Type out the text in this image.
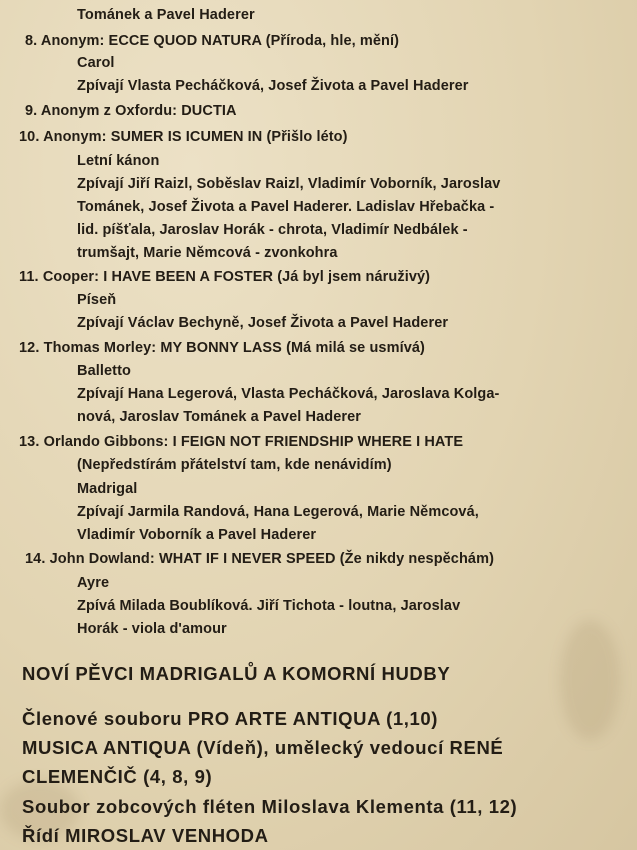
Tománek a Pavel Haderer
8. Anonym: ECCE QUOD NATURA (Příroda, hle, mění)
Carol
Zpívají Vlasta Pecháčková, Josef Života a Pavel Haderer
9. Anonym z Oxfordu: DUCTIA
10. Anonym: SUMER IS ICUMEN IN (Přišlo léto)
Letní kánon
Zpívají Jiří Raizl, Soběslav Raizl, Vladimír Voborník, Jaroslav
Tománek, Josef Života a Pavel Haderer. Ladislav Hřebačka -
lid. píšťala, Jaroslav Horák - chrota, Vladimír Nedbálek -
trumšajt, Marie Němcová - zvonkohra
11. Cooper: I HAVE BEEN A FOSTER (Já byl jsem náruživý)
Píseň
Zpívají Václav Bechyně, Josef Života a Pavel Haderer
12. Thomas Morley: MY BONNY LASS (Má milá se usmívá)
Balletto
Zpívají Hana Legerová, Vlasta Pecháčková, Jaroslava Kolga-
nová, Jaroslav Tománek a Pavel Haderer
13. Orlando Gibbons: I FEIGN NOT FRIENDSHIP WHERE I HATE
(Nepředstírám přátelství tam, kde nenávidím)
Madrigal
Zpívají Jarmila Randová, Hana Legerová, Marie Němcová,
Vladimír Voborník a Pavel Haderer
14. John Dowland: WHAT IF I NEVER SPEED (Že nikdy nespěchám)
Ayre
Zpívá Milada Boublíková. Jiří Tichota - loutna, Jaroslav
Horák - viola d'amour
NOVÍ PĚVCI MADRIGALŮ A KOMORNÍ HUDBY
Členové souboru PRO ARTE ANTIQUA (1,10)
MUSICA ANTIQUA (Vídeň), umělecký vedoucí RENÉ
CLEMENČIČ (4, 8, 9)
Soubor zobcových fléten Miloslava Klementa (11, 12)
Řídí MIROSLAV VENHODA
